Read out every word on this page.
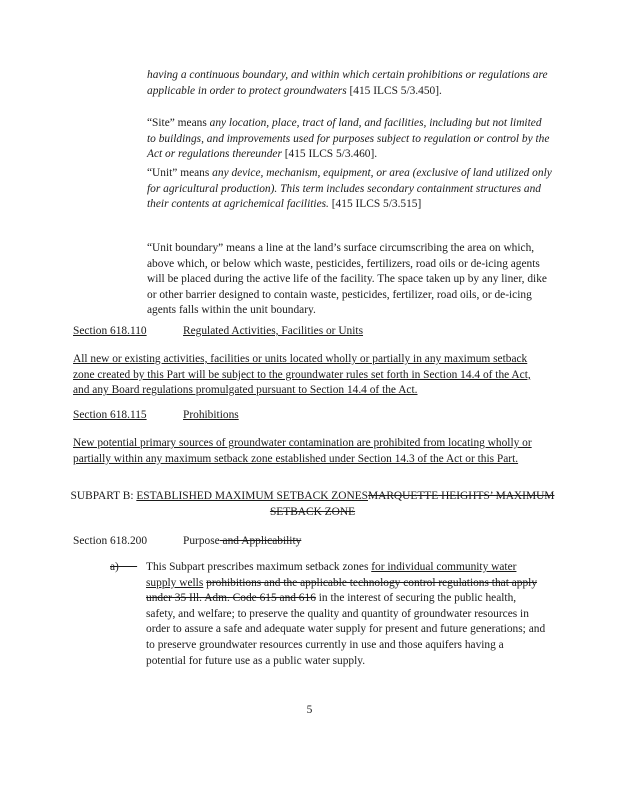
having a continuous boundary, and within which certain prohibitions or regulations are applicable in order to protect groundwaters [415 ILCS 5/3.450].

“Site” means any location, place, tract of land, and facilities, including but not limited to buildings, and improvements used for purposes subject to regulation or control by the Act or regulations thereunder [415 ILCS 5/3.460].

“Unit” means any device, mechanism, equipment, or area (exclusive of land utilized only for agricultural production). This term includes secondary containment structures and their contents at agrichemical facilities. [415 ILCS 5/3.515]

“Unit boundary” means a line at the land’s surface circumscribing the area on which, above which, or below which waste, pesticides, fertilizers, road oils or de-icing agents will be placed during the active life of the facility. The space taken up by any liner, dike or other barrier designed to contain waste, pesticides, fertilizer, road oils, or de-icing agents falls within the unit boundary.

Section 618.110	Regulated Activities, Facilities or Units

All new or existing activities, facilities or units located wholly or partially in any maximum setback zone created by this Part will be subject to the groundwater rules set forth in Section 14.4 of the Act, and any Board regulations promulgated pursuant to Section 14.4 of the Act.

Section 618.115	Prohibitions

New potential primary sources of groundwater contamination are prohibited from locating wholly or partially within any maximum setback zone established under Section 14.3 of the Act or this Part.

SUBPART B: ESTABLISHED MAXIMUM SETBACK ZONESMARQUETTE HEIGHTS’ MAXIMUM SETBACK ZONE

Section 618.200	Purpose and Applicability
a)        	This Subpart prescribes maximum setback zones for individual community water supply wells prohibitions and the applicable technology control regulations that apply under 35 Ill. Adm. Code 615 and 616 in the interest of securing the public health, safety, and welfare; to preserve the quality and quantity of groundwater resources in order to assure a safe and adequate water supply for present and future generations; and to preserve groundwater resources currently in use and those aquifers having a potential for future use as a public water supply.

5
